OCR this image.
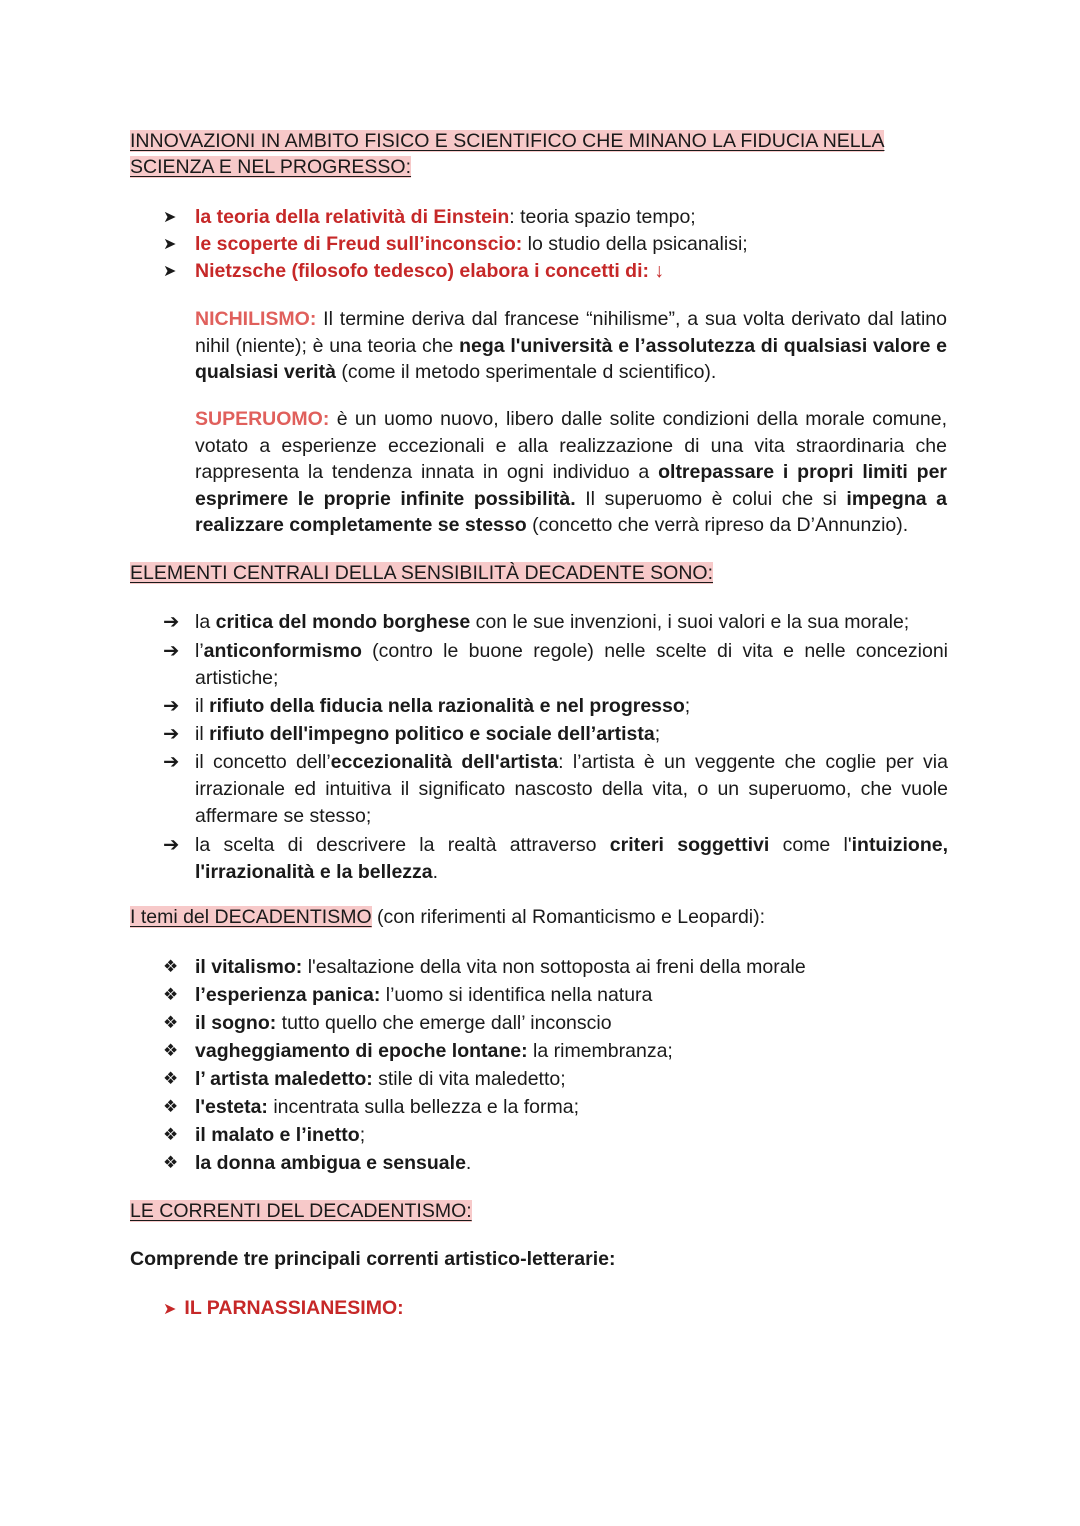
INNOVAZIONI IN AMBITO FISICO E SCIENTIFICO CHE MINANO LA FIDUCIA NELLA
SCIENZA E NEL PROGRESSO:
➤ la teoria della relatività di Einstein: teoria spazio tempo;
➤ le scoperte di Freud sull’inconscio: lo studio della psicanalisi;
➤ Nietzsche (filosofo tedesco) elabora i concetti di: ↓

NICHILISMO: Il termine deriva dal francese “nihilisme”, a sua volta derivato dal latino nihil (niente); è una teoria che nega l'università e l’assolutezza di qualsiasi valore e qualsiasi verità (come il metodo sperimentale d scientifico).

SUPERUOMO: è un uomo nuovo, libero dalle solite condizioni della morale comune, votato a esperienze eccezionali e alla realizzazione di una vita straordinaria che rappresenta la tendenza innata in ogni individuo a oltrepassare i propri limiti per esprimere le proprie infinite possibilità. Il superuomo è colui che si impegna a realizzare completamente se stesso (concetto che verrà ripreso da D’Annunzio).

ELEMENTI CENTRALI DELLA SENSIBILITÀ DECADENTE SONO:
➔ la critica del mondo borghese con le sue invenzioni, i suoi valori e la sua morale;
➔ l’anticonformismo (contro le buone regole) nelle scelte di vita e nelle concezioni artistiche;
➔ il rifiuto della fiducia nella razionalità e nel progresso;
➔ il rifiuto dell'impegno politico e sociale dell’artista;
➔ il concetto dell’eccezionalità dell'artista: l’artista è un veggente che coglie per via irrazionale ed intuitiva il significato nascosto della vita, o un superuomo, che vuole affermare se stesso;
➔ la scelta di descrivere la realtà attraverso criteri soggettivi come l'intuizione, l'irrazionalità e la bellezza.
I temi del DECADENTISMO (con riferimenti al Romanticismo e Leopardi):
❖ il vitalismo: l'esaltazione della vita non sottoposta ai freni della morale
❖ l’esperienza panica: l’uomo si identifica nella natura
❖ il sogno: tutto quello che emerge dall’ inconscio
❖ vagheggiamento di epoche lontane: la rimembranza;
❖ l’ artista maledetto: stile di vita maledetto;
❖ l'esteta: incentrata sulla bellezza e la forma;
❖ il malato e l’inetto;
❖ la donna ambigua e sensuale.
LE CORRENTI DEL DECADENTISMO:
Comprende tre principali correnti artistico-letterarie:
➤ IL PARNASSIANESIMO:
